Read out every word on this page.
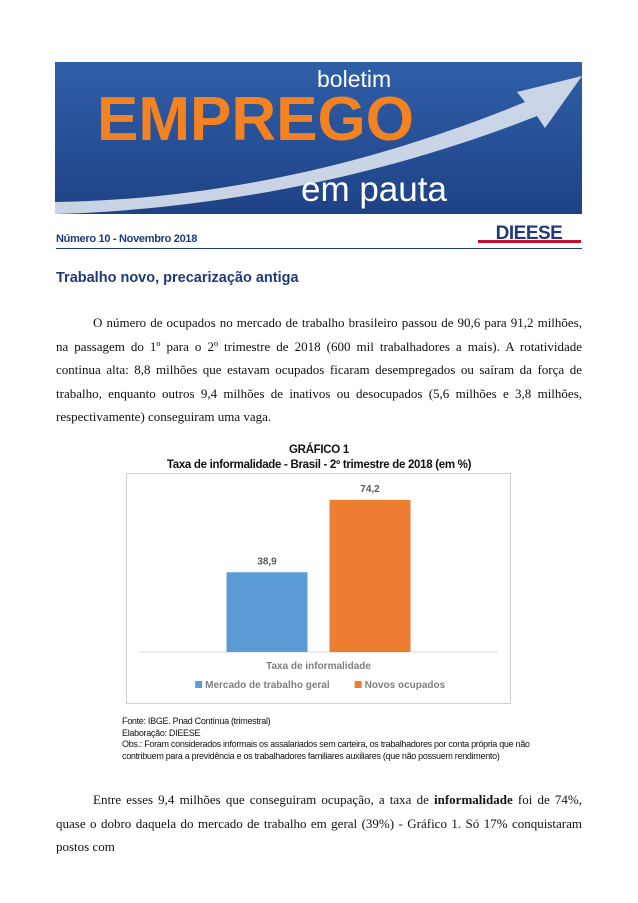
boletim
EMPREGO
em pauta
Número 10 - Novembro 2018	DIEESE
Trabalho novo, precarização antiga

O número de ocupados no mercado de trabalho brasileiro passou de 90,6 para 91,2 milhões, na passagem do 1º para o 2º trimestre de 2018 (600 mil trabalhadores a mais). A rotatividade continua alta: 8,8 milhões que estavam ocupados ficaram desempregados ou saíram da força de trabalho, enquanto outros 9,4 milhões de inativos ou desocupados (5,6 milhões e 3,8 milhões, respectivamente) conseguiram uma vaga.

GRÁFICO 1
Taxa de informalidade - Brasil - 2º trimestre de 2018 (em %)
38,9
74,2
Taxa de informalidade
Mercado de trabalho geral	Novos ocupados
Fonte: IBGE. Pnad Contínua (trimestral)
Elaboração: DIEESE
Obs.: Foram considerados informais os assalariados sem carteira, os trabalhadores por conta própria que não
contribuem para a previdência e os trabalhadores familiares auxiliares (que não possuem rendimento)

Entre esses 9,4 milhões que conseguiram ocupação, a taxa de informalidade foi de 74%, quase o dobro daquela do mercado de trabalho em geral (39%) - Gráfico 1. Só 17% conquistaram postos com
